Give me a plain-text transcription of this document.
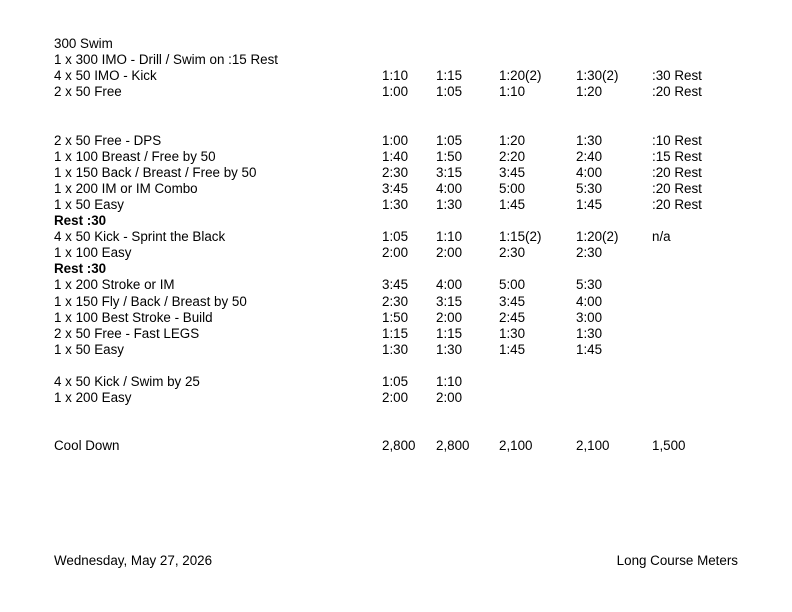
300 Swim
1 x 300 IMO - Drill / Swim on :15 Rest
4 x 50 IMO - Kick	1:10 1:15	1:20(2)	1:30(2)	:30 Rest
2 x 50 Free	1:00 1:05	1:10	1:20	:20 Rest
2 x 50 Free - DPS	1:00 1:05	1:20	1:30	:10 Rest
1 x 100 Breast / Free by 50	1:40 1:50	2:20	2:40	:15 Rest
1 x 150 Back / Breast / Free by 50	2:30 3:15	3:45	4:00	:20 Rest
1 x 200 IM or IM Combo	3:45 4:00	5:00	5:30	:20 Rest
1 x 50 Easy	1:30 1:30	1:45	1:45	:20 Rest
Rest :30
4 x 50 Kick - Sprint the Black	1:05 1:10	1:15(2)	1:20(2)	n/a
1 x 100 Easy	2:00 2:00	2:30	2:30
Rest :30
1 x 200 Stroke or IM	3:45 4:00	5:00	5:30
1 x 150 Fly / Back / Breast by 50	2:30 3:15	3:45	4:00
1 x 100 Best Stroke - Build	1:50 2:00	2:45	3:00
2 x 50 Free - Fast LEGS	1:15 1:15	1:30	1:30
1 x 50 Easy	1:30 1:30	1:45	1:45
4 x 50 Kick / Swim by 25	1:05 1:10
1 x 200 Easy	2:00 2:00
Cool Down	2,800 2,800 2,100	2,100	1,500
Wednesday, May 27, 2026	Long Course Meters
